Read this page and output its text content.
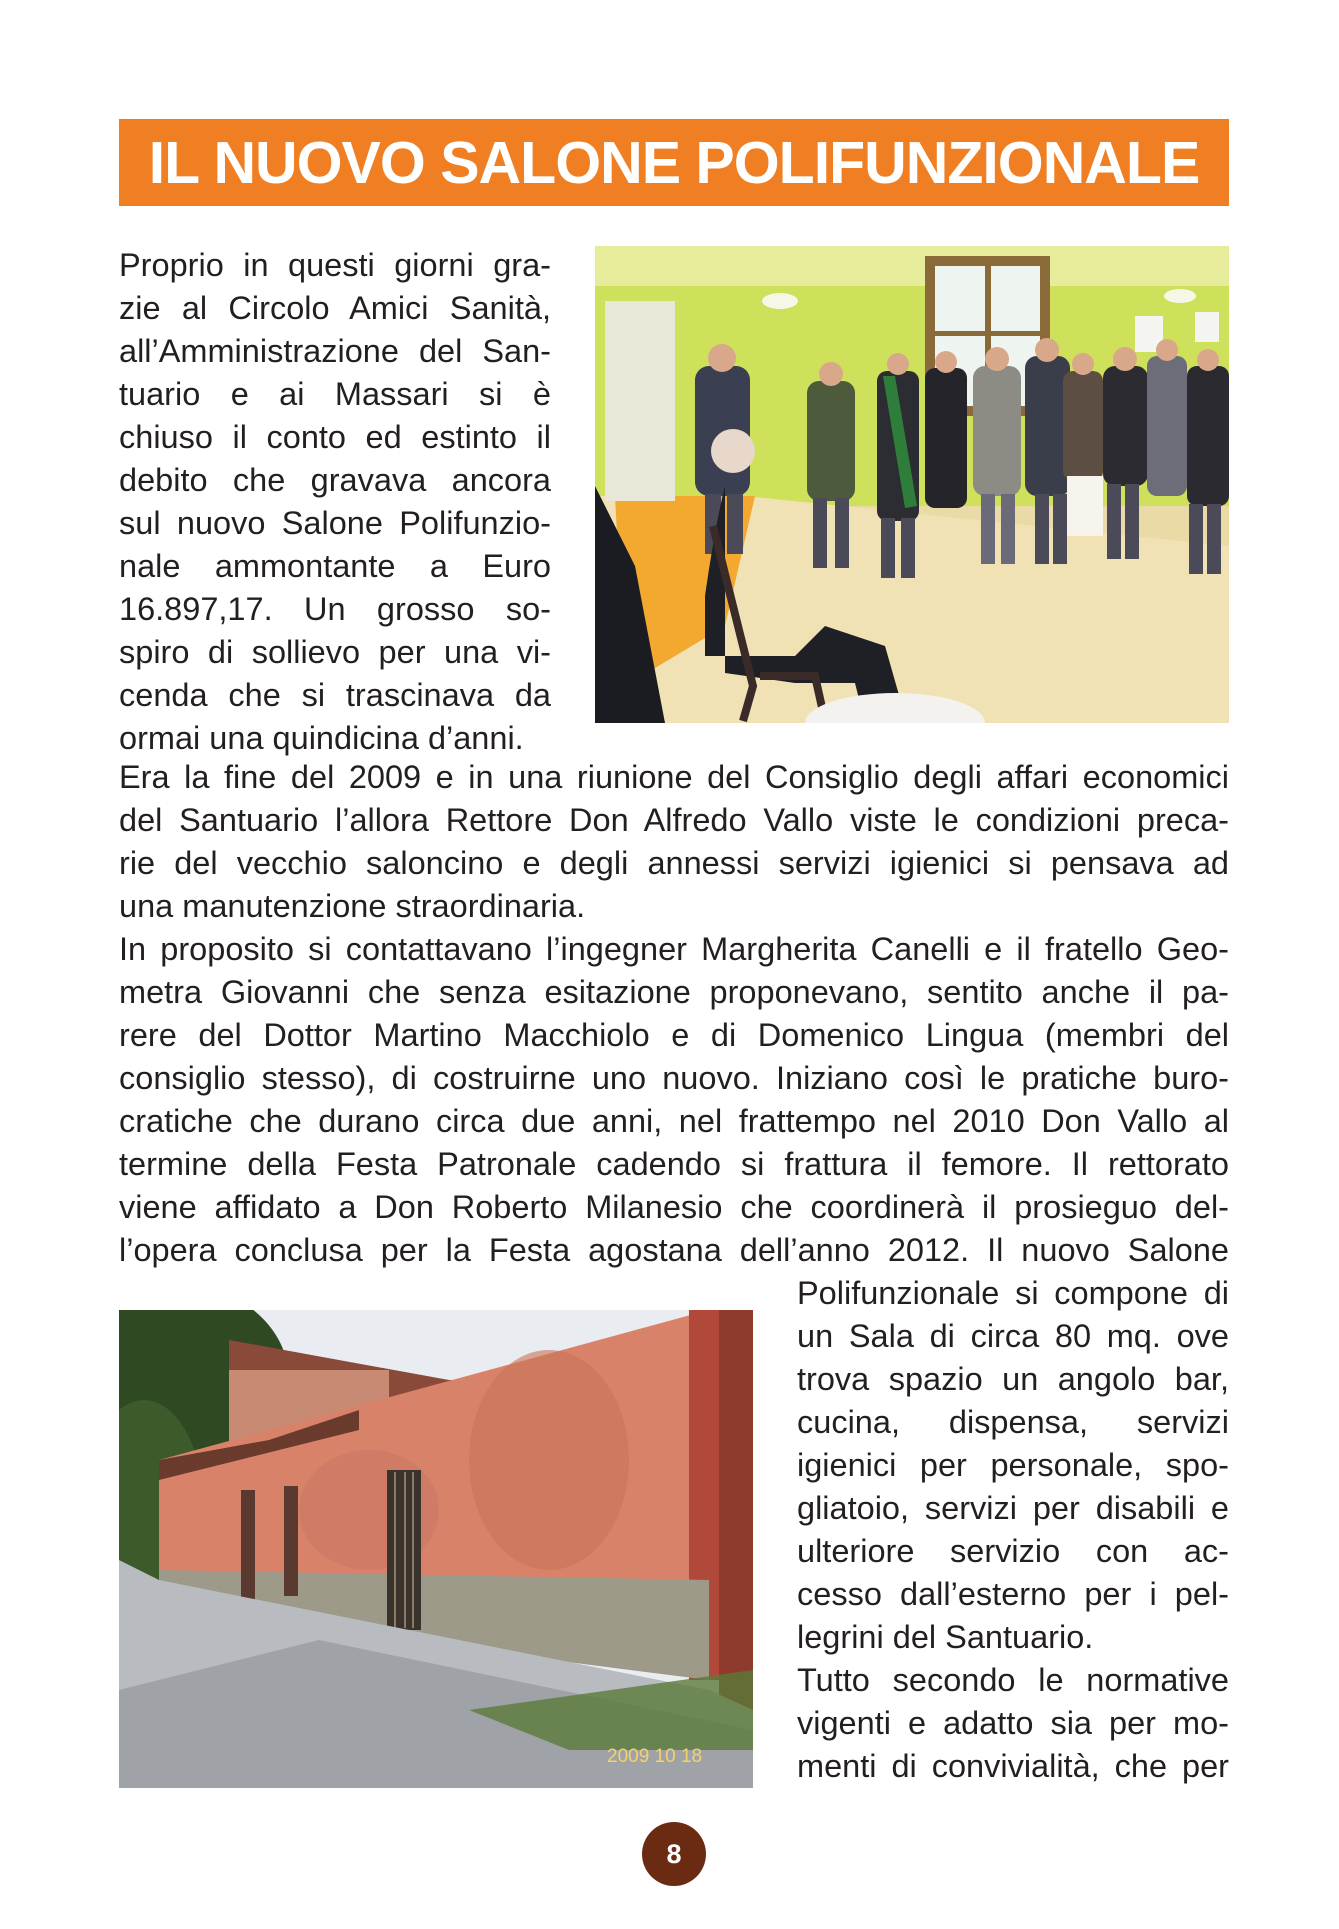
IL NUOVO SALONE POLIFUNZIONALE

Proprio in questi giorni gra-
zie al Circolo Amici Sanità,
all’Amministrazione del San-
tuario e ai Massari si è
chiuso il conto ed estinto il
debito che gravava ancora
sul nuovo Salone Polifunzio-
nale ammontante a Euro
16.897,17. Un grosso so-
spiro di sollievo per una vi-
cenda che si trascinava da
ormai una quindicina d’anni.

Era la fine del 2009 e in una riunione del Consiglio degli affari economici
del Santuario l’allora Rettore Don Alfredo Vallo viste le condizioni preca-
rie del vecchio saloncino e degli annessi servizi igienici si pensava ad
una manutenzione straordinaria.
In proposito si contattavano l’ingegner Margherita Canelli e il fratello Geo-
metra Giovanni che senza esitazione proponevano, sentito anche il pa-
rere del Dottor Martino Macchiolo e di Domenico Lingua (membri del
consiglio stesso), di costruirne uno nuovo. Iniziano così le pratiche buro-
cratiche che durano circa due anni, nel frattempo nel 2010 Don Vallo al
termine della Festa Patronale cadendo si frattura il femore. Il rettorato
viene affidato a Don Roberto Milanesio che coordinerà il prosieguo del-
l’opera conclusa per la Festa agostana dell’anno 2012. Il nuovo Salone

2009 10 18

Polifunzionale si compone di
un Sala di circa 80 mq. ove
trova spazio un angolo bar,
cucina, dispensa, servizi
igienici per personale, spo-
gliatoio, servizi per disabili e
ulteriore servizio con ac-
cesso dall’esterno per i pel-
legrini del Santuario.
Tutto secondo le normative
vigenti e adatto sia per mo-
menti di convivialità, che per

8
